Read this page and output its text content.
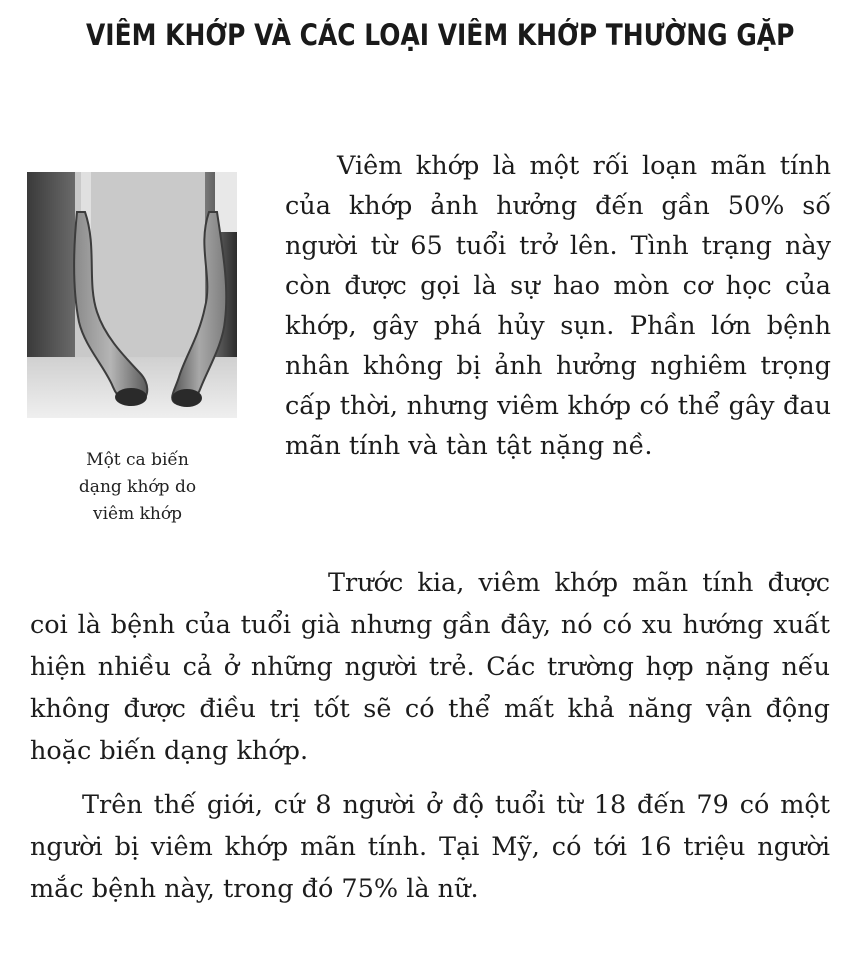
VIÊM KHỚP VÀ CÁC LOẠI VIÊM KHỚP THƯỜNG GẶP
Một ca biến
dạng khớp do
viêm khớp
Viêm khớp là một rối loạn mãn tính của khớp ảnh hưởng đến gần 50% số người từ 65 tuổi trở lên. Tình trạng này còn được gọi là sự hao mòn cơ học của khớp, gây phá hủy sụn. Phần lớn bệnh nhân không bị ảnh hưởng nghiêm trọng cấp thời, nhưng viêm khớp có thể gây đau mãn tính và tàn tật nặng nề.
Trước kia, viêm khớp mãn tính được coi là bệnh của tuổi già nhưng gần đây, nó có xu hướng xuất hiện nhiều cả ở những người trẻ. Các trường hợp nặng nếu không được điều trị tốt sẽ có thể mất khả năng vận động hoặc biến dạng khớp.
Trên thế giới, cứ 8 người ở độ tuổi từ 18 đến 79 có một người bị viêm khớp mãn tính. Tại Mỹ, có tới 16 triệu người mắc bệnh này, trong đó 75% là nữ.
